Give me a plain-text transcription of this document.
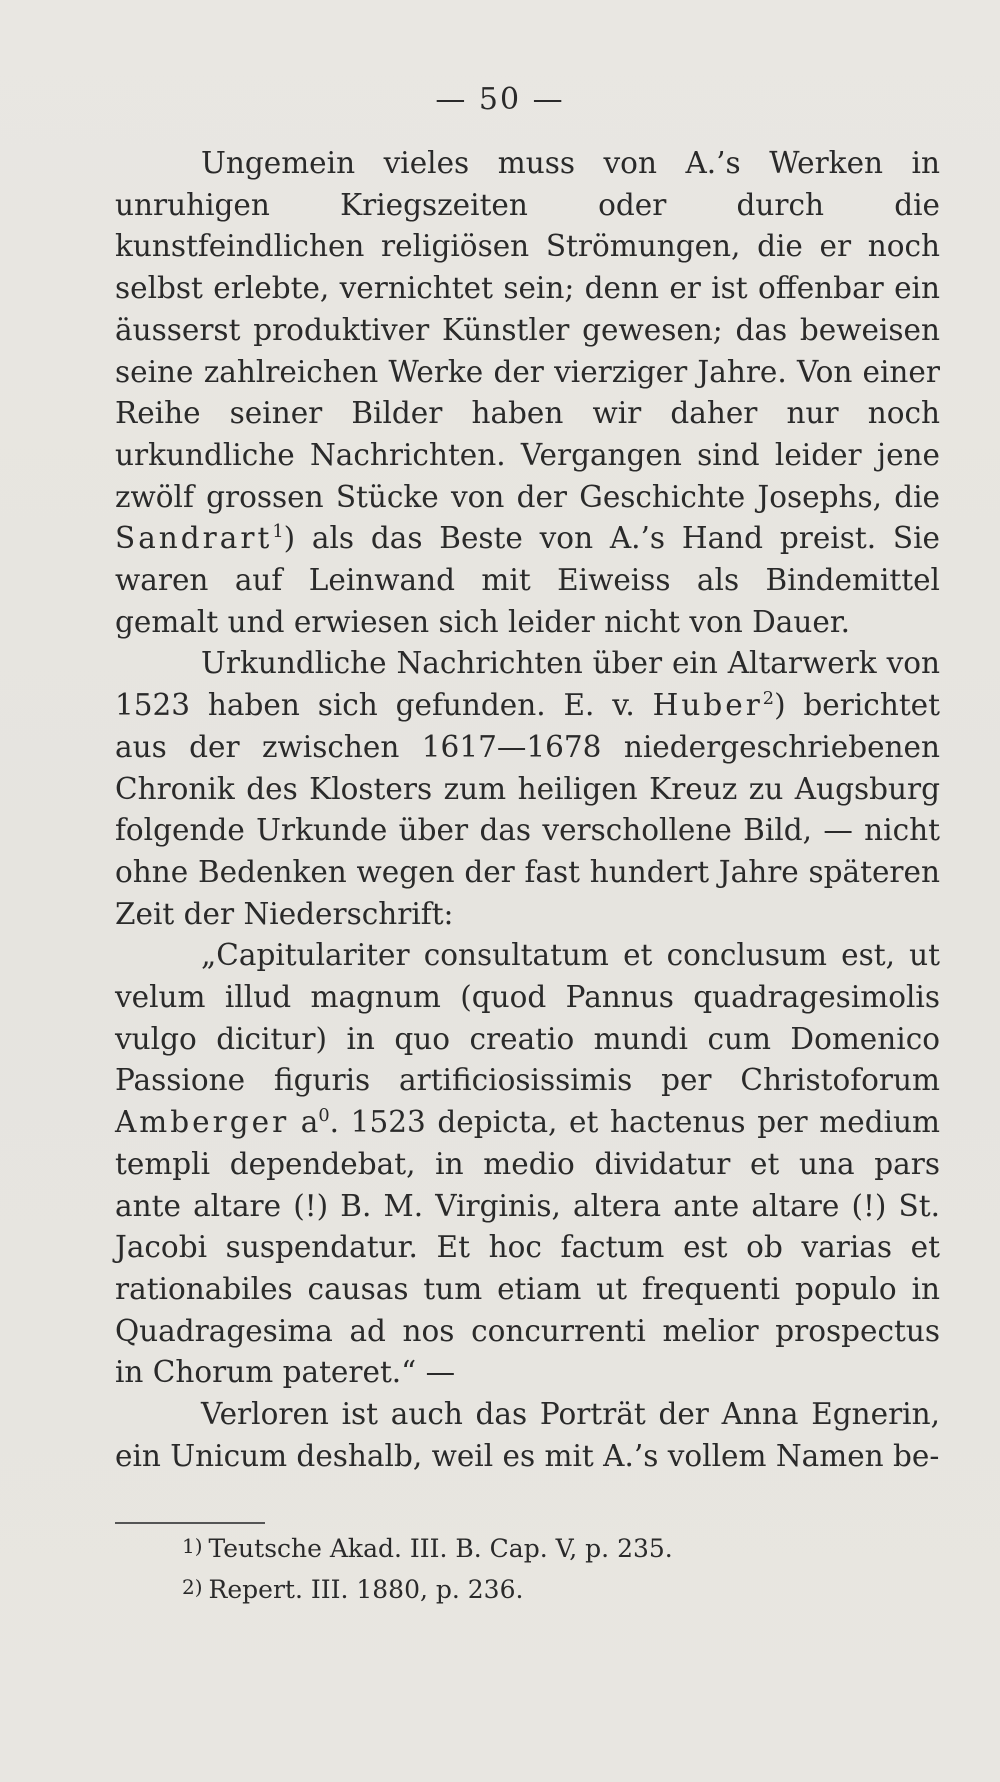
— 50 —

Ungemein vieles muss von A.’s Werken in unruhigen Kriegszeiten oder durch die kunstfeindlichen religiösen Strömungen, die er noch selbst erlebte, vernichtet sein; denn er ist offenbar ein äusserst produktiver Künstler gewesen; das beweisen seine zahlreichen Werke der vierziger Jahre. Von einer Reihe seiner Bilder haben wir daher nur noch urkundliche Nachrichten. Vergangen sind leider jene zwölf grossen Stücke von der Geschichte Josephs, die Sandrart$^1$) als das Beste von A.’s Hand preist. Sie waren auf Leinwand mit Eiweiss als Bindemittel gemalt und erwiesen sich leider nicht von Dauer.

Urkundliche Nachrichten über ein Altarwerk von 1523 haben sich gefunden. E. v. Huber$^2$) berichtet aus der zwischen 1617—1678 niedergeschriebenen Chronik des Klosters zum heiligen Kreuz zu Augsburg folgende Urkunde über das verschollene Bild, — nicht ohne Bedenken wegen der fast hundert Jahre späteren Zeit der Niederschrift:

„Capitulariter consultatum et conclusum est, ut velum illud magnum (quod Pannus quadragesimolis vulgo dicitur) in quo creatio mundi cum Domenico Passione figuris artificiosissimis per Christoforum Amberger $a^0$. 1523 depicta, et hactenus per medium templi dependebat, in medio dividatur et una pars ante altare (!) B. M. Virginis, altera ante altare (!) St. Jacobi suspendatur. Et hoc factum est ob varias et rationabiles causas tum etiam ut frequenti populo in Quadragesima ad nos concurrenti melior prospectus in Chorum pateret.“ —

Verloren ist auch das Porträt der Anna Egnerin, ein Unicum deshalb, weil es mit A.’s vollem Namen be-

1) Teutsche Akad. III. B. Cap. V, p. 235.
2) Repert. III. 1880, p. 236.
